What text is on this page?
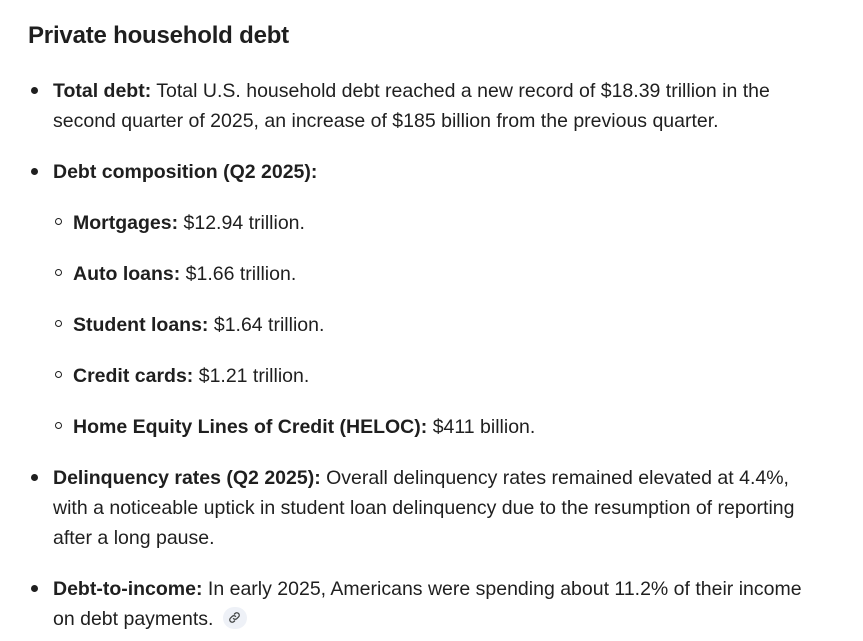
Private household debt
Total debt: Total U.S. household debt reached a new record of $18.39 trillion in the
second quarter of 2025, an increase of $185 billion from the previous quarter.
Debt composition (Q2 2025):
Mortgages: $12.94 trillion.
Auto loans: $1.66 trillion.
Student loans: $1.64 trillion.
Credit cards: $1.21 trillion.
Home Equity Lines of Credit (HELOC): $411 billion.
Delinquency rates (Q2 2025): Overall delinquency rates remained elevated at 4.4%,
with a noticeable uptick in student loan delinquency due to the resumption of reporting
after a long pause.
Debt-to-income: In early 2025, Americans were spending about 11.2% of their income
on debt payments.
